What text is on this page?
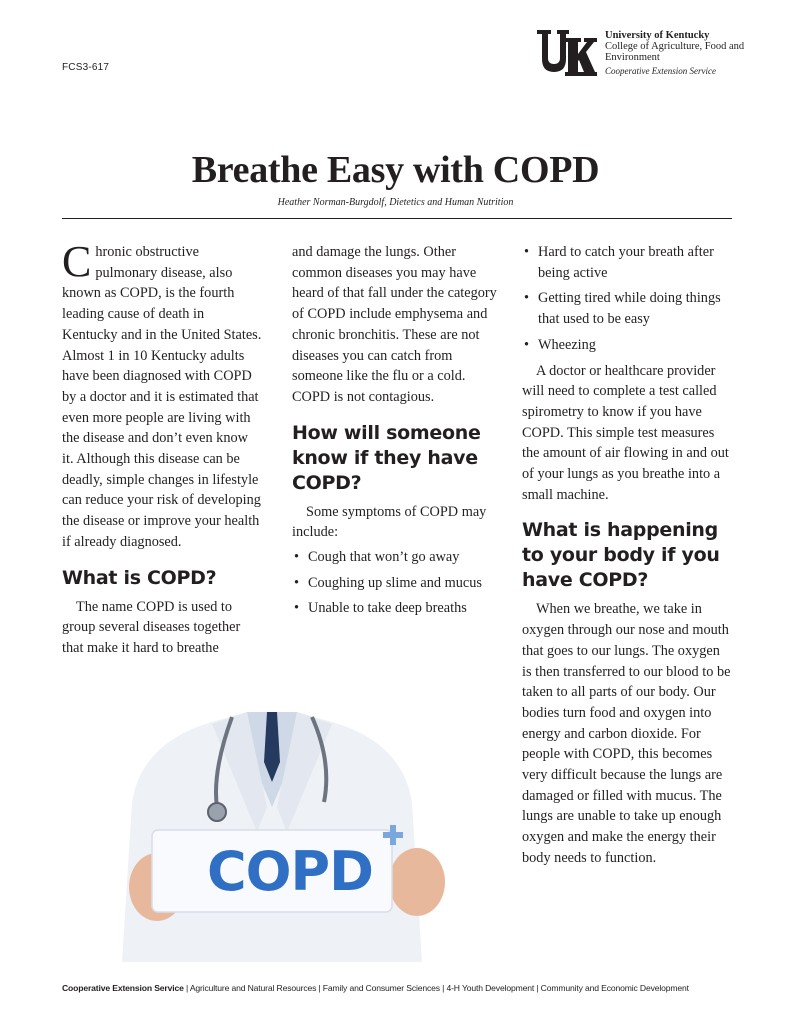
FCS3-617
University of Kentucky
College of Agriculture, Food and Environment
Cooperative Extension Service
Breathe Easy with COPD
Heather Norman-Burgdolf, Dietetics and Human Nutrition

Chronic obstructive pulmonary disease, also known as COPD, is the fourth leading cause of death in Kentucky and in the United States. Almost 1 in 10 Kentucky adults have been diagnosed with COPD by a doctor and it is estimated that even more people are living with the disease and don’t even know it. Although this disease can be deadly, simple changes in lifestyle can reduce your risk of developing the disease or improve your health if already diagnosed.

What is COPD?

The name COPD is used to group several diseases together that make it hard to breathe

and damage the lungs. Other common diseases you may have heard of that fall under the category of COPD include emphysema and chronic bronchitis. These are not diseases you can catch from someone like the flu or a cold. COPD is not contagious.

How will someone know if they have COPD?

Some symptoms of COPD may include:

• Cough that won’t go away
• Coughing up slime and mucus
• Unable to take deep breaths
• Hard to catch your breath after being active
• Getting tired while doing things that used to be easy
• Wheezing

A doctor or healthcare provider will need to complete a test called spirometry to know if you have COPD. This simple test measures the amount of air flowing in and out of your lungs as you breathe into a small machine.

What is happening to your body if you have COPD?

When we breathe, we take in oxygen through our nose and mouth that goes to our lungs. The oxygen is then transferred to our blood to be taken to all parts of our body. Our bodies turn food and oxygen into energy and carbon dioxide. For people with COPD, this becomes very difficult because the lungs are damaged or filled with mucus. The lungs are unable to take up enough oxygen and make the energy their body needs to function.

COPD
Cooperative Extension Service | Agriculture and Natural Resources | Family and Consumer Sciences | 4-H Youth Development | Community and Economic Development
